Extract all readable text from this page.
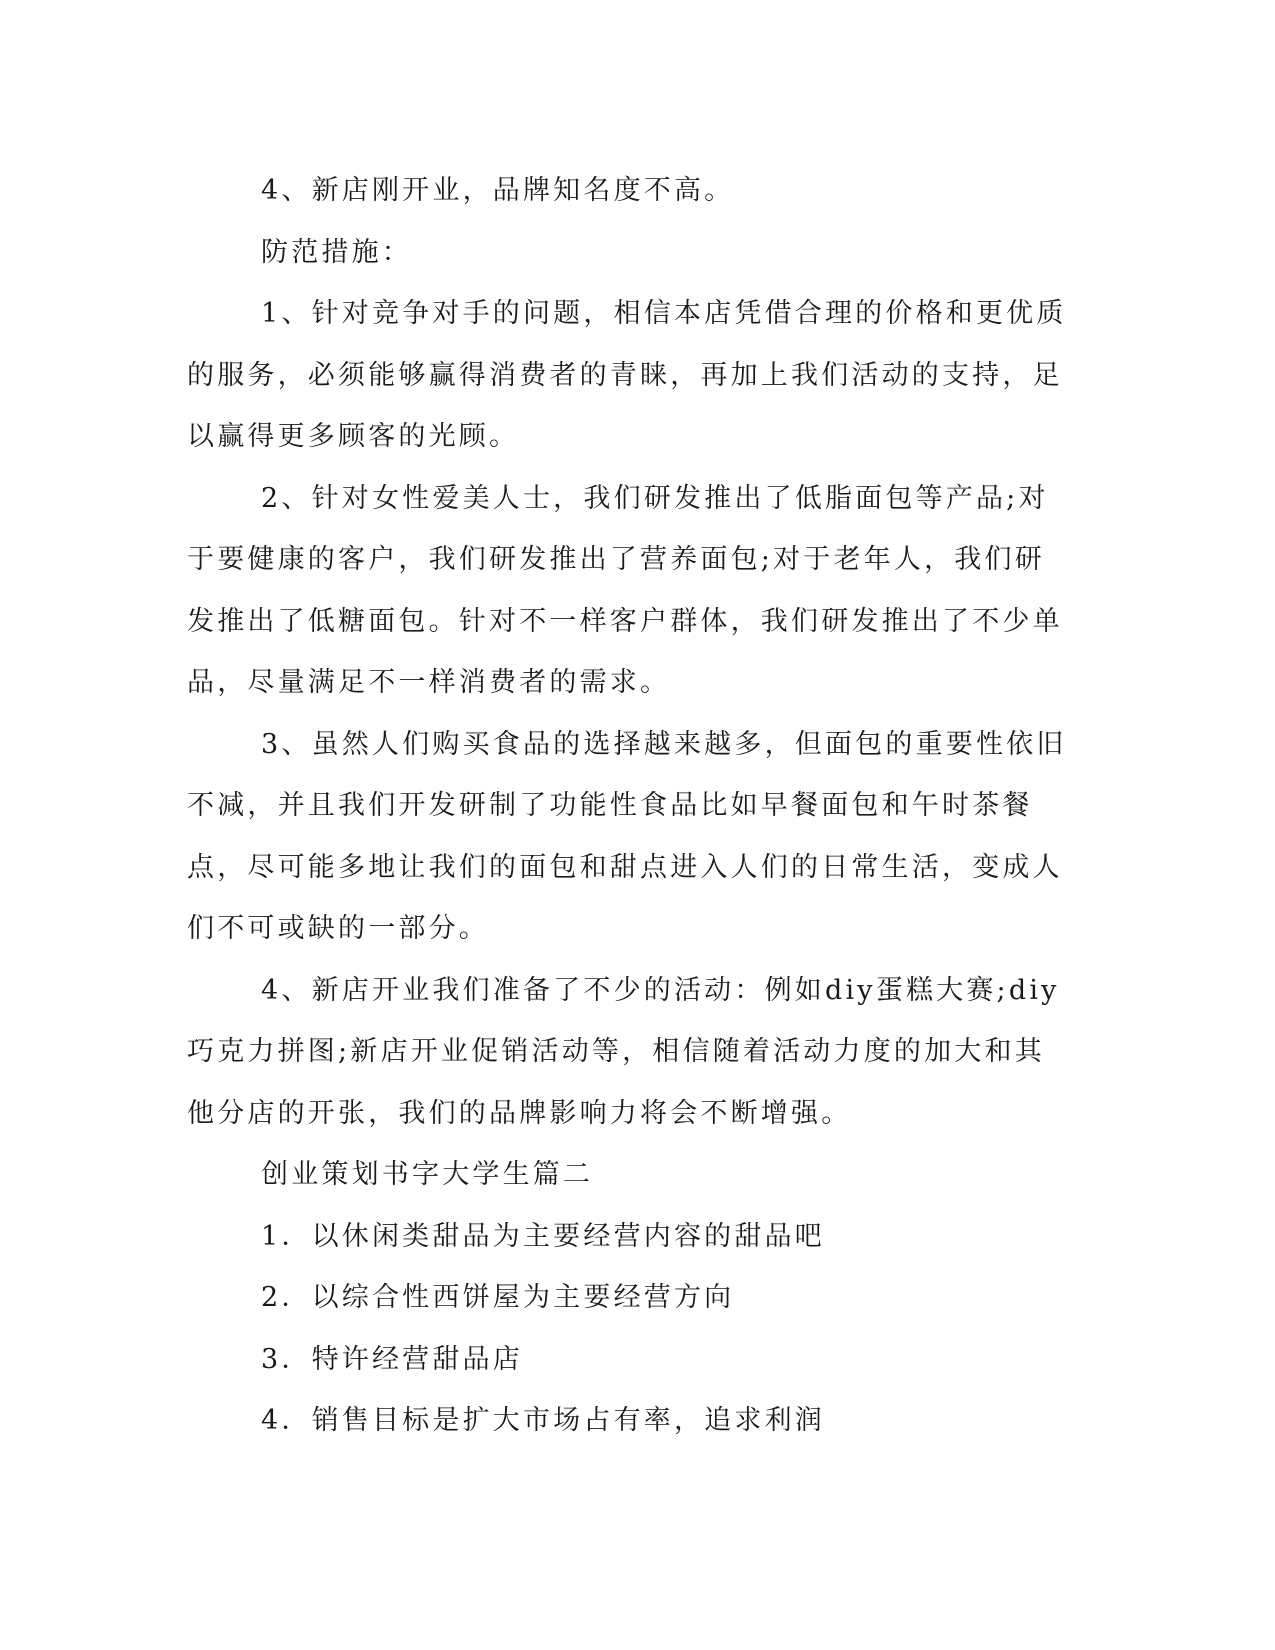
4、新店刚开业，品牌知名度不高。

防范措施：

1、针对竞争对手的问题，相信本店凭借合理的价格和更优质的服务，必须能够赢得消费者的青睐，再加上我们活动的支持，足以赢得更多顾客的光顾。

2、针对女性爱美人士，我们研发推出了低脂面包等产品;对于要健康的客户，我们研发推出了营养面包;对于老年人，我们研发推出了低糖面包。针对不一样客户群体，我们研发推出了不少单品，尽量满足不一样消费者的需求。

3、虽然人们购买食品的选择越来越多，但面包的重要性依旧不减，并且我们开发研制了功能性食品比如早餐面包和午时茶餐点，尽可能多地让我们的面包和甜点进入人们的日常生活，变成人们不可或缺的一部分。

4、新店开业我们准备了不少的活动：例如diy蛋糕大赛;diy巧克力拼图;新店开业促销活动等，相信随着活动力度的加大和其他分店的开张，我们的品牌影响力将会不断增强。

创业策划书字大学生篇二

1．以休闲类甜品为主要经营内容的甜品吧

2．以综合性西饼屋为主要经营方向

3．特许经营甜品店

4．销售目标是扩大市场占有率，追求利润
